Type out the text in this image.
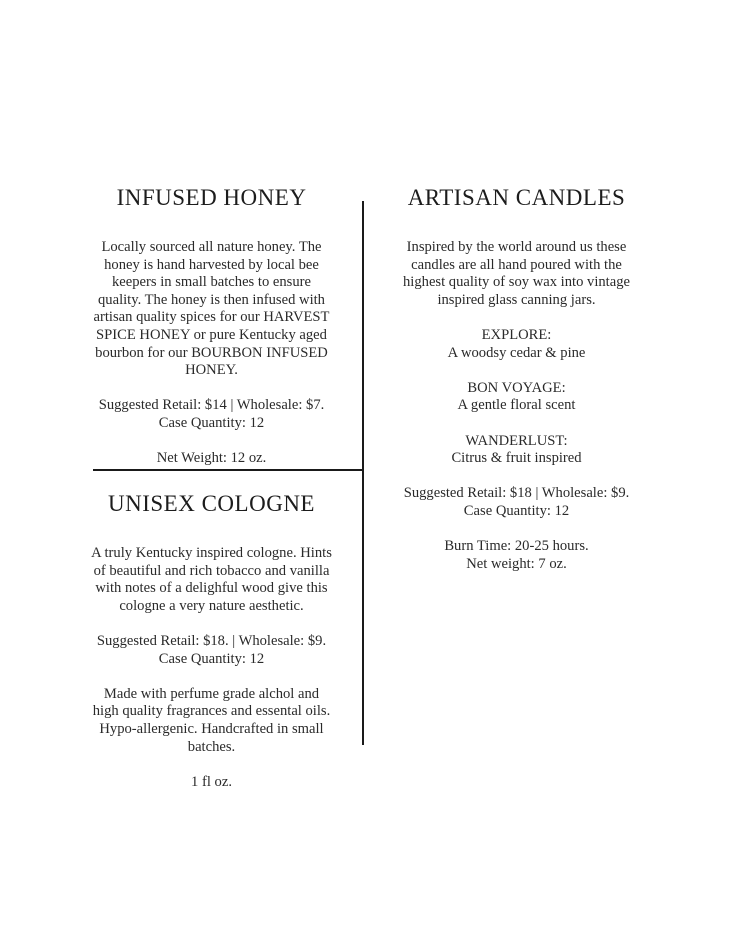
INFUSED HONEY

Locally sourced all nature honey. The
honey is hand harvested by local bee
keepers in small batches to ensure
quality. The honey is then infused with
artisan quality spices for our HARVEST
SPICE HONEY or pure Kentucky aged
bourbon for our BOURBON INFUSED
HONEY.

Suggested Retail: $14 | Wholesale: $7.
Case Quantity: 12

Net Weight: 12 oz.

UNISEX COLOGNE

A truly Kentucky inspired cologne. Hints
of beautiful and rich tobacco and vanilla
with notes of a delighful wood give this
cologne a very nature aesthetic.

Suggested Retail: $18. | Wholesale: $9.
Case Quantity: 12

Made with perfume grade alchol and
high quality fragrances and essental oils.
Hypo-allergenic. Handcrafted in small
batches.

1 fl oz.

ARTISAN CANDLES

Inspired by the world around us these
candles are all hand poured with the
highest quality of soy wax into vintage
inspired glass canning jars.

EXPLORE:
A woodsy cedar & pine

BON VOYAGE:
A gentle floral scent

WANDERLUST:
Citrus & fruit inspired

Suggested Retail: $18 | Wholesale: $9.
Case Quantity: 12

Burn Time: 20-25 hours.
Net weight: 7 oz.
